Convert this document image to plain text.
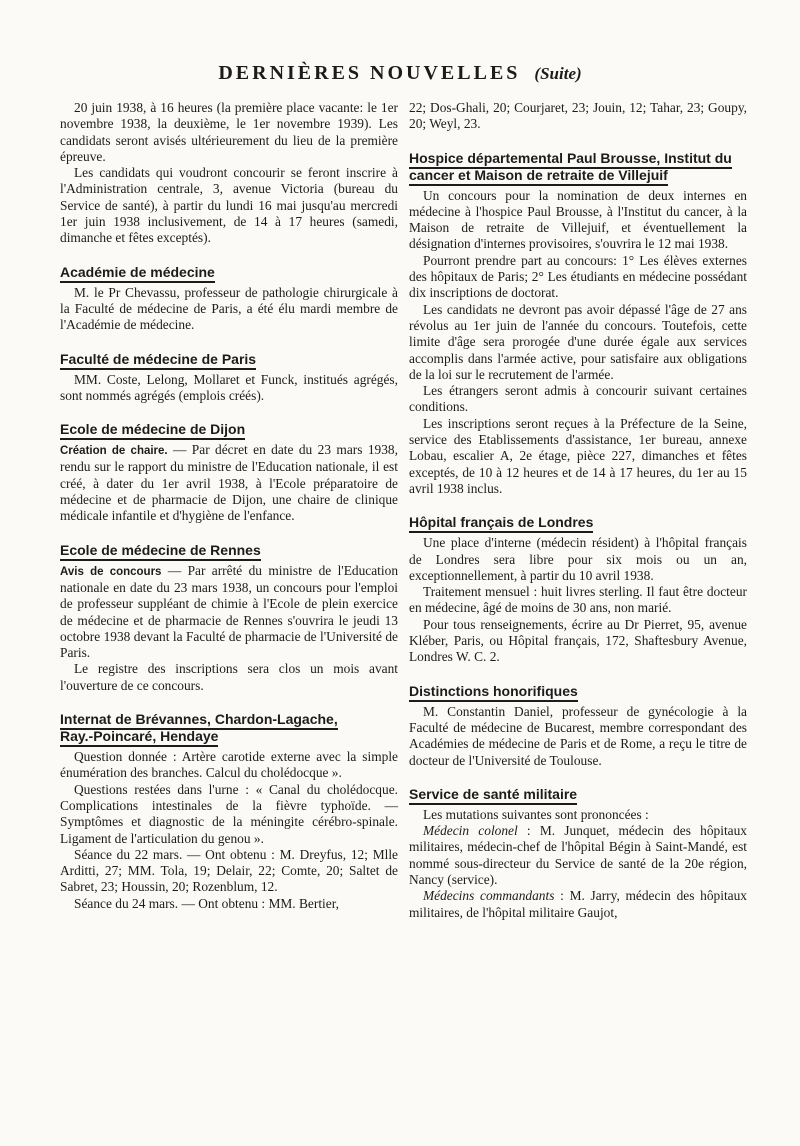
DERNIÈRES NOUVELLES (Suite)

20 juin 1938, à 16 heures (la première place vacante: le 1er novembre 1938, la deuxième, le 1er novembre 1939). Les candidats seront avisés ultérieurement du lieu de la première épreuve.

Les candidats qui voudront concourir se feront inscrire à l'Administration centrale, 3, avenue Victoria (bureau du Service de santé), à partir du lundi 16 mai jusqu'au mercredi 1er juin 1938 inclusivement, de 14 à 17 heures (samedi, dimanche et fêtes exceptés).

Académie de médecine

M. le Pr Chevassu, professeur de pathologie chirurgicale à la Faculté de médecine de Paris, a été élu mardi membre de l'Académie de médecine.

Faculté de médecine de Paris

MM. Coste, Lelong, Mollaret et Funck, institués agrégés, sont nommés agrégés (emplois créés).

Ecole de médecine de Dijon

Création de chaire. — Par décret en date du 23 mars 1938, rendu sur le rapport du ministre de l'Education nationale, il est créé, à dater du 1er avril 1938, à l'Ecole préparatoire de médecine et de pharmacie de Dijon, une chaire de clinique médicale infantile et d'hygiène de l'enfance.

Ecole de médecine de Rennes

Avis de concours — Par arrêté du ministre de l'Education nationale en date du 23 mars 1938, un concours pour l'emploi de professeur suppléant de chimie à l'Ecole de plein exercice de médecine et de pharmacie de Rennes s'ouvrira le jeudi 13 octobre 1938 devant la Faculté de pharmacie de l'Université de Paris.

Le registre des inscriptions sera clos un mois avant l'ouverture de ce concours.

Internat de Brévannes, Chardon-Lagache,
Ray.-Poincaré, Hendaye

Question donnée : Artère carotide externe avec la simple énumération des branches. Calcul du cholédocque ».

Questions restées dans l'urne : « Canal du cholédocque. Complications intestinales de la fièvre typhoïde. — Symptômes et diagnostic de la méningite cérébro-spinale. Ligament de l'articulation du genou ».

Séance du 22 mars. — Ont obtenu : M. Dreyfus, 12; Mlle Arditti, 27; MM. Tola, 19; Delair, 22; Comte, 20; Saltet de Sabret, 23; Houssin, 20; Rozenblum, 12.

Séance du 24 mars. — Ont obtenu : MM. Bertier,

22; Dos-Ghali, 20; Courjaret, 23; Jouin, 12; Tahar, 23; Goupy, 20; Weyl, 23.

Hospice départemental Paul Brousse, Institut du cancer et Maison de retraite de Villejuif

Un concours pour la nomination de deux internes en médecine à l'hospice Paul Brousse, à l'Institut du cancer, à la Maison de retraite de Villejuif, et éventuellement la désignation d'internes provisoires, s'ouvrira le 12 mai 1938.

Pourront prendre part au concours: 1° Les élèves externes des hôpitaux de Paris; 2° Les étudiants en médecine possédant dix inscriptions de doctorat.

Les candidats ne devront pas avoir dépassé l'âge de 27 ans révolus au 1er juin de l'année du concours. Toutefois, cette limite d'âge sera prorogée d'une durée égale aux services accomplis dans l'armée active, pour satisfaire aux obligations de la loi sur le recrutement de l'armée.

Les étrangers seront admis à concourir suivant certaines conditions.

Les inscriptions seront reçues à la Préfecture de la Seine, service des Etablissements d'assistance, 1er bureau, annexe Lobau, escalier A, 2e étage, pièce 227, dimanches et fêtes exceptés, de 10 à 12 heures et de 14 à 17 heures, du 1er au 15 avril 1938 inclus.

Hôpital français de Londres

Une place d'interne (médecin résident) à l'hôpital français de Londres sera libre pour six mois ou un an, exceptionnellement, à partir du 10 avril 1938.

Traitement mensuel : huit livres sterling. Il faut être docteur en médecine, âgé de moins de 30 ans, non marié.

Pour tous renseignements, écrire au Dr Pierret, 95, avenue Kléber, Paris, ou Hôpital français, 172, Shaftesbury Avenue, Londres W. C. 2.

Distinctions honorifiques

M. Constantin Daniel, professeur de gynécologie à la Faculté de médecine de Bucarest, membre correspondant des Académies de médecine de Paris et de Rome, a reçu le titre de docteur de l'Université de Toulouse.

Service de santé militaire

Les mutations suivantes sont prononcées :

Médecin colonel : M. Junquet, médecin des hôpitaux militaires, médecin-chef de l'hôpital Bégin à Saint-Mandé, est nommé sous-directeur du Service de santé de la 20e région, Nancy (service).

Médecins commandants : M. Jarry, médecin des hôpitaux militaires, de l'hôpital militaire Gaujot,
